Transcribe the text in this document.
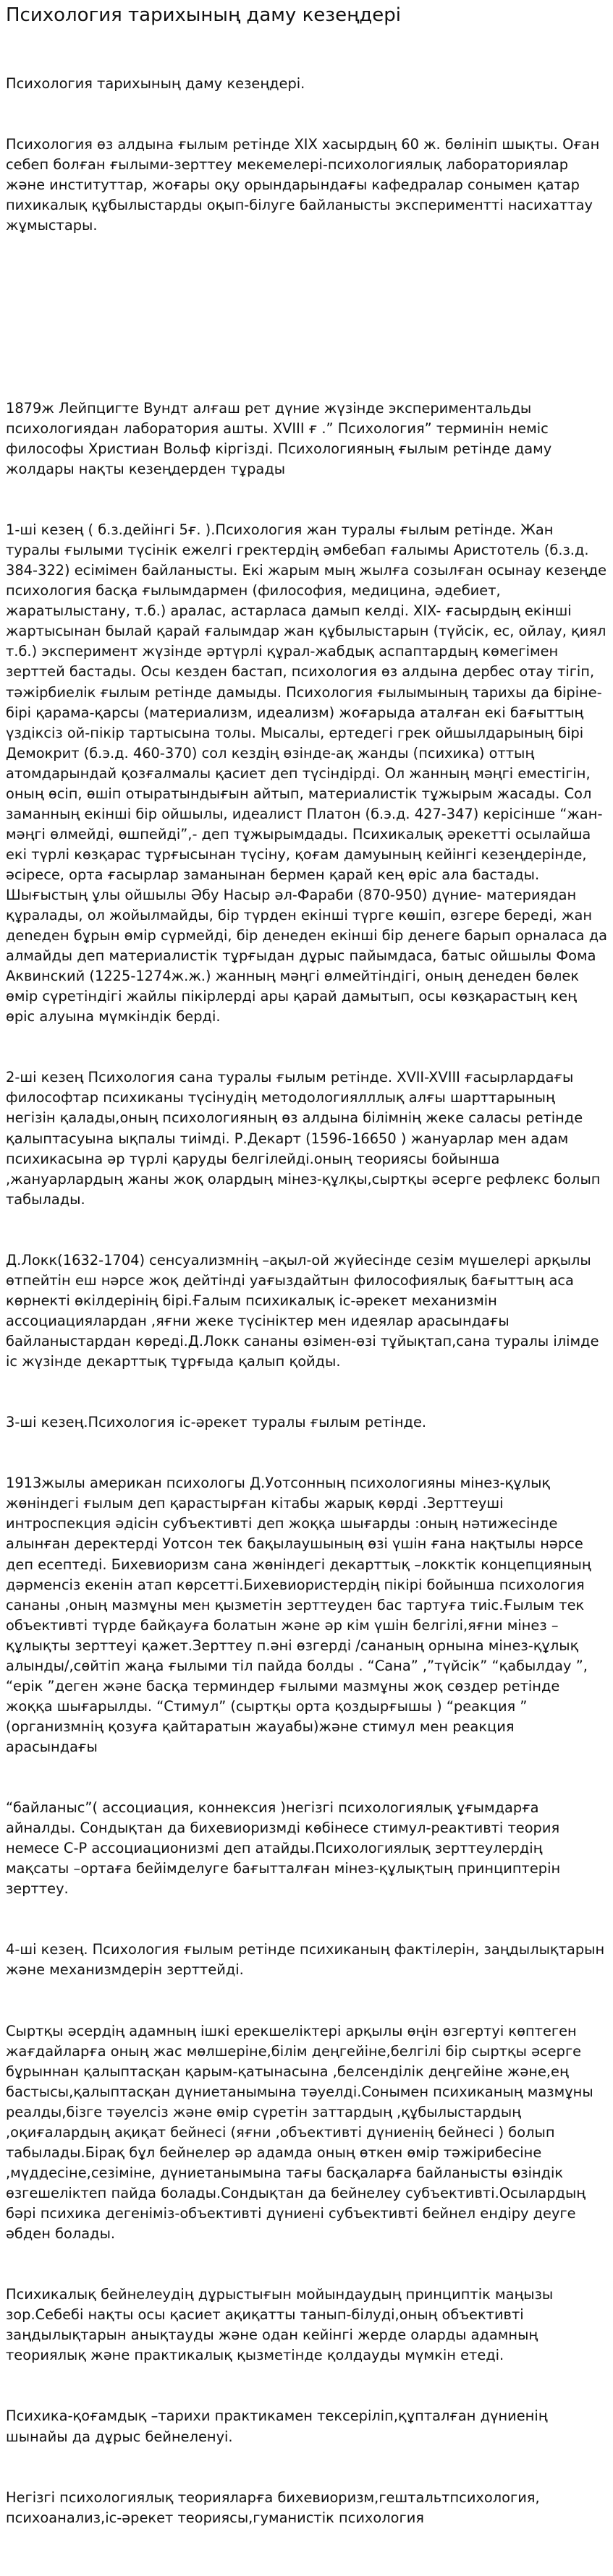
Психология тарихының даму кезеңдері

Психология тарихының даму кезеңдері.

Психология өз алдына ғылым ретінде XIX хасырдың 60 ж. бөлініп шықты. Оған себеп болған ғылыми-зерттеу мекемелері-психологиялық лабораториялар және институттар, жоғары оқу орындарындағы кафедралар сонымен қатар пихикалық құбылыстарды оқып-білуге байланысты эксперименттi насихаттау жұмыстары.

1879ж Лейпцигте Вундт алғаш рет дүние жүзінде экспериментальды психологиядан лаборатория ашты. XVIII ғ .” Психология” терминін неміс философы Христиан Вольф кіргізді. Психологияның ғылым ретінде даму жолдары нақты кезеңдерден тұрады

1-ші кезең ( б.з.дейінгі 5ғ. ).Психология жан туралы ғылым ретінде. Жан туралы ғылыми түсінік ежелгі гректердің әмбебап ғалымы Аристотель (б.з.д. 384-322) есімімен байланысты. Екі жарым мың жылға созылған осынау кезеңде психология басқа ғылымдармен (философия, медицина, әдебиет, жаратылыстану, т.б.) аралас, астарласа дамып келді. XIX- ғасырдың екінші жартысынан былай қарай ғалымдар жан құбылыстарын (түйсік, ес, ойлау, қиял т.б.) эксперимент жүзінде әртүрлі құрал-жабдық аспаптардың көмегімен зерттей бастады. Осы кезден бастап, психология өз алдына дербес отау тігіп, тәжірбиелік ғылым ретінде дамыды. Психология ғылымының тарихы да біріне-бірі қарама-қарсы (материализм, идеализм) жоғарыда аталған екі бағыттың үздіксіз ой-пікір тартысына толы. Мысалы, ертедегі грек ойшылдарының бірі Демокрит (б.э.д. 460-370) сол кездің өзінде-ақ жанды (психика) оттың атомдарындай қозғалмалы қасиет деп түсіндірді. Ол жанның мәңгі еместігін, оның өсіп, өшіп отыратындығын айтып, материалистік тұжырым жасады. Сол заманның екінші бір ойшылы, идеалист Платон (б.э.д. 427-347) керісінше “жан-мәңгі өлмейді, өшпейді”,- деп тұжырымдады. Психикалық әрекетті осылайша екі түрлі көзқарас тұрғысынан түсіну, қоғам дамуының кейінгі кезеңдерінде, әсіресе, орта ғасырлар заманынан бермен қарай кең өріс ала бастады. Шығыстың ұлы ойшылы Әбу Насыр әл-Фараби (870-950) дүние- материядан құралады, ол жойылмайды, бір түрден екінші түрге көшіп, өзгере береді, жан деneден бұрын өмір сүрмейді, бір денеден екінші бір денеге барып орналаса да алмайды деп материалистік тұрғыдан дұрыс пайымдаса, батыс ойшылы Фома Аквинский (1225-1274ж.ж.) жанның мәңгі өлмейтіндігі, оның денеден бөлек өмір сүретіндігі жайлы пікірлерді ары қарай дамытып, осы көзқарастың кең өріс алуына мүмкіндік берді.

2-ші кезең Психология сана туралы ғылым ретінде. XVII-XVIII ғасырлардағы философтар психиканы түсінудің методологиялллық алғы шарттарының негізін қалады,оның психологияның өз алдына білімнің жеке саласы ретінде қалыптасуына ықпалы тиімді. Р.Декарт (1596-16650 ) жануарлар мен адам психикасына әр түрлі қаруды белгілейді.оның теориясы бойынша ,жануарлардың жаны жоқ олардың мінез-құлқы,сыртқы әсерге рефлекс болып табылады.

Д.Локк(1632-1704) сенсуализмнің –ақыл-ой жүйесінде сезім мүшелері арқылы өтпейтін еш нәрсе жоқ дейтінді уағыздайтын философиялық бағыттың аса көрнекті өкілдерінің бірі.Ғалым психикалық іс-әрекет механизмін ассоциациялардан ,яғни жеке түсініктер мен идеялар арасындағы байланыстардан көреді.Д.Локк сананы өзімен-өзі тұйықтап,сана туралы ілімде іс жүзінде декарттық тұрғыда қалып қойды.

3-ші кезең.Психология іс-әрекет туралы ғылым ретінде.

1913жылы американ психологы Д.Уотсонның психологияны мінез-құлық жөніндегі ғылым деп қарастырған кітабы жарық көрді .Зерттеуші интроспекция әдісін субъективті деп жоққа шығарды :оның нәтижесінде алынған деректерді Уотсон тек бақылаушының өзі үшін ғана нақтылы нәрсе деп есептеді. Бихевиоризм сана жөніндегі декарттық –локктік концепцияның дәрменсіз екенін атап көрсетті.Бихевиористердің пікірі бойынша психология сананы ,оның мазмұны мен қызметін зерттеуден бас тартуға тиіс.Ғылым тек объективті түрде байқауға болатын және әр кім үшін белгілі,яғни мінез –құлықты зерттеуі қажет.Зерттеу п.әні өзгерді /сананың орнына мінез-құлық алынды/,сөйтіп жаңа ғылыми тіл пайда болды . “Сана” ,”түйсік” “қабылдау ”, “ерік ”деген және басқа терминдер ғылыми мазмұны жоқ сөздер ретінде жоққа шығарылды. “Стимул” (сыртқы орта қоздырғышы ) “реакция ” (организмнің қозуға қайтаратын жауабы)және стимул мен реакция арасындағы

“байланыс”( ассоциация, коннексия )негізгі психологиялық ұғымдарға айналды. Сондықтан да бихевиоризмді көбінесе стимул-реактивті теория немесе С-Р ассоциационизмі деп атайды.Психологиялық зерттеулердің мақсаты –ортаға бейімделуге бағытталған мінез-құлықтың принциптерін зерттеу.

4-ші кезең. Психология ғылым ретінде психиканың фактілерін, заңдылықтарын және механизмдерін зерттейді.

Сыртқы әсердің адамның ішкі ерекшеліктері арқылы өңін өзгертуі көптеген жағдайларға оның жас мөлшеріне,білім деңгейіне,белгілі бір сыртқы әсерге бұрыннан қалыптасқан қарым-қатынасына ,белсенділік деңгейіне және,ең бастысы,қалыптасқан дүниетанымына тәуелді.Сонымен психиканың мазмұны реалды,бізге тәуелсіз және өмір сүретін заттардың ,құбылыстардың ,оқиғалардың ақиқат бейнесі (яғни ,объективті дүниенің бейнесі ) болып табылады.Бірақ бұл бейнелер әр адамда оның өткен өмір тәжірибесіне ,мүддесіне,сезіміне, дүниетанымына тағы басқаларға байланысты өзіндік өзгешеліктеп пайда болады.Сондықтан да бейнелеу субъективті.Осылардың бәрі психика дегеніміз-объективті дүниені субъективті бейнел ендіру деуге әбден болады.

Психикалық бейнелеудің дұрыстығын мойындаудың принциптік маңызы зор.Себебі нақты осы қасиет ақиқатты танып-білуді,оның объективті заңдылықтарын анықтауды және одан кейінгі жерде оларды адамның теориялық және практикалық қызметінде қолдауды мүмкін етеді.

Психика-қоғамдық –тарихи практикамен тексеріліп,құпталған дүниенің шынайы да дұрыс бейнеленуі.

Негізгі психологиялық теорияларға бихевиоризм,гештальтпсихология, психоанализ,іс-әрекет теориясы,гуманистік психология
